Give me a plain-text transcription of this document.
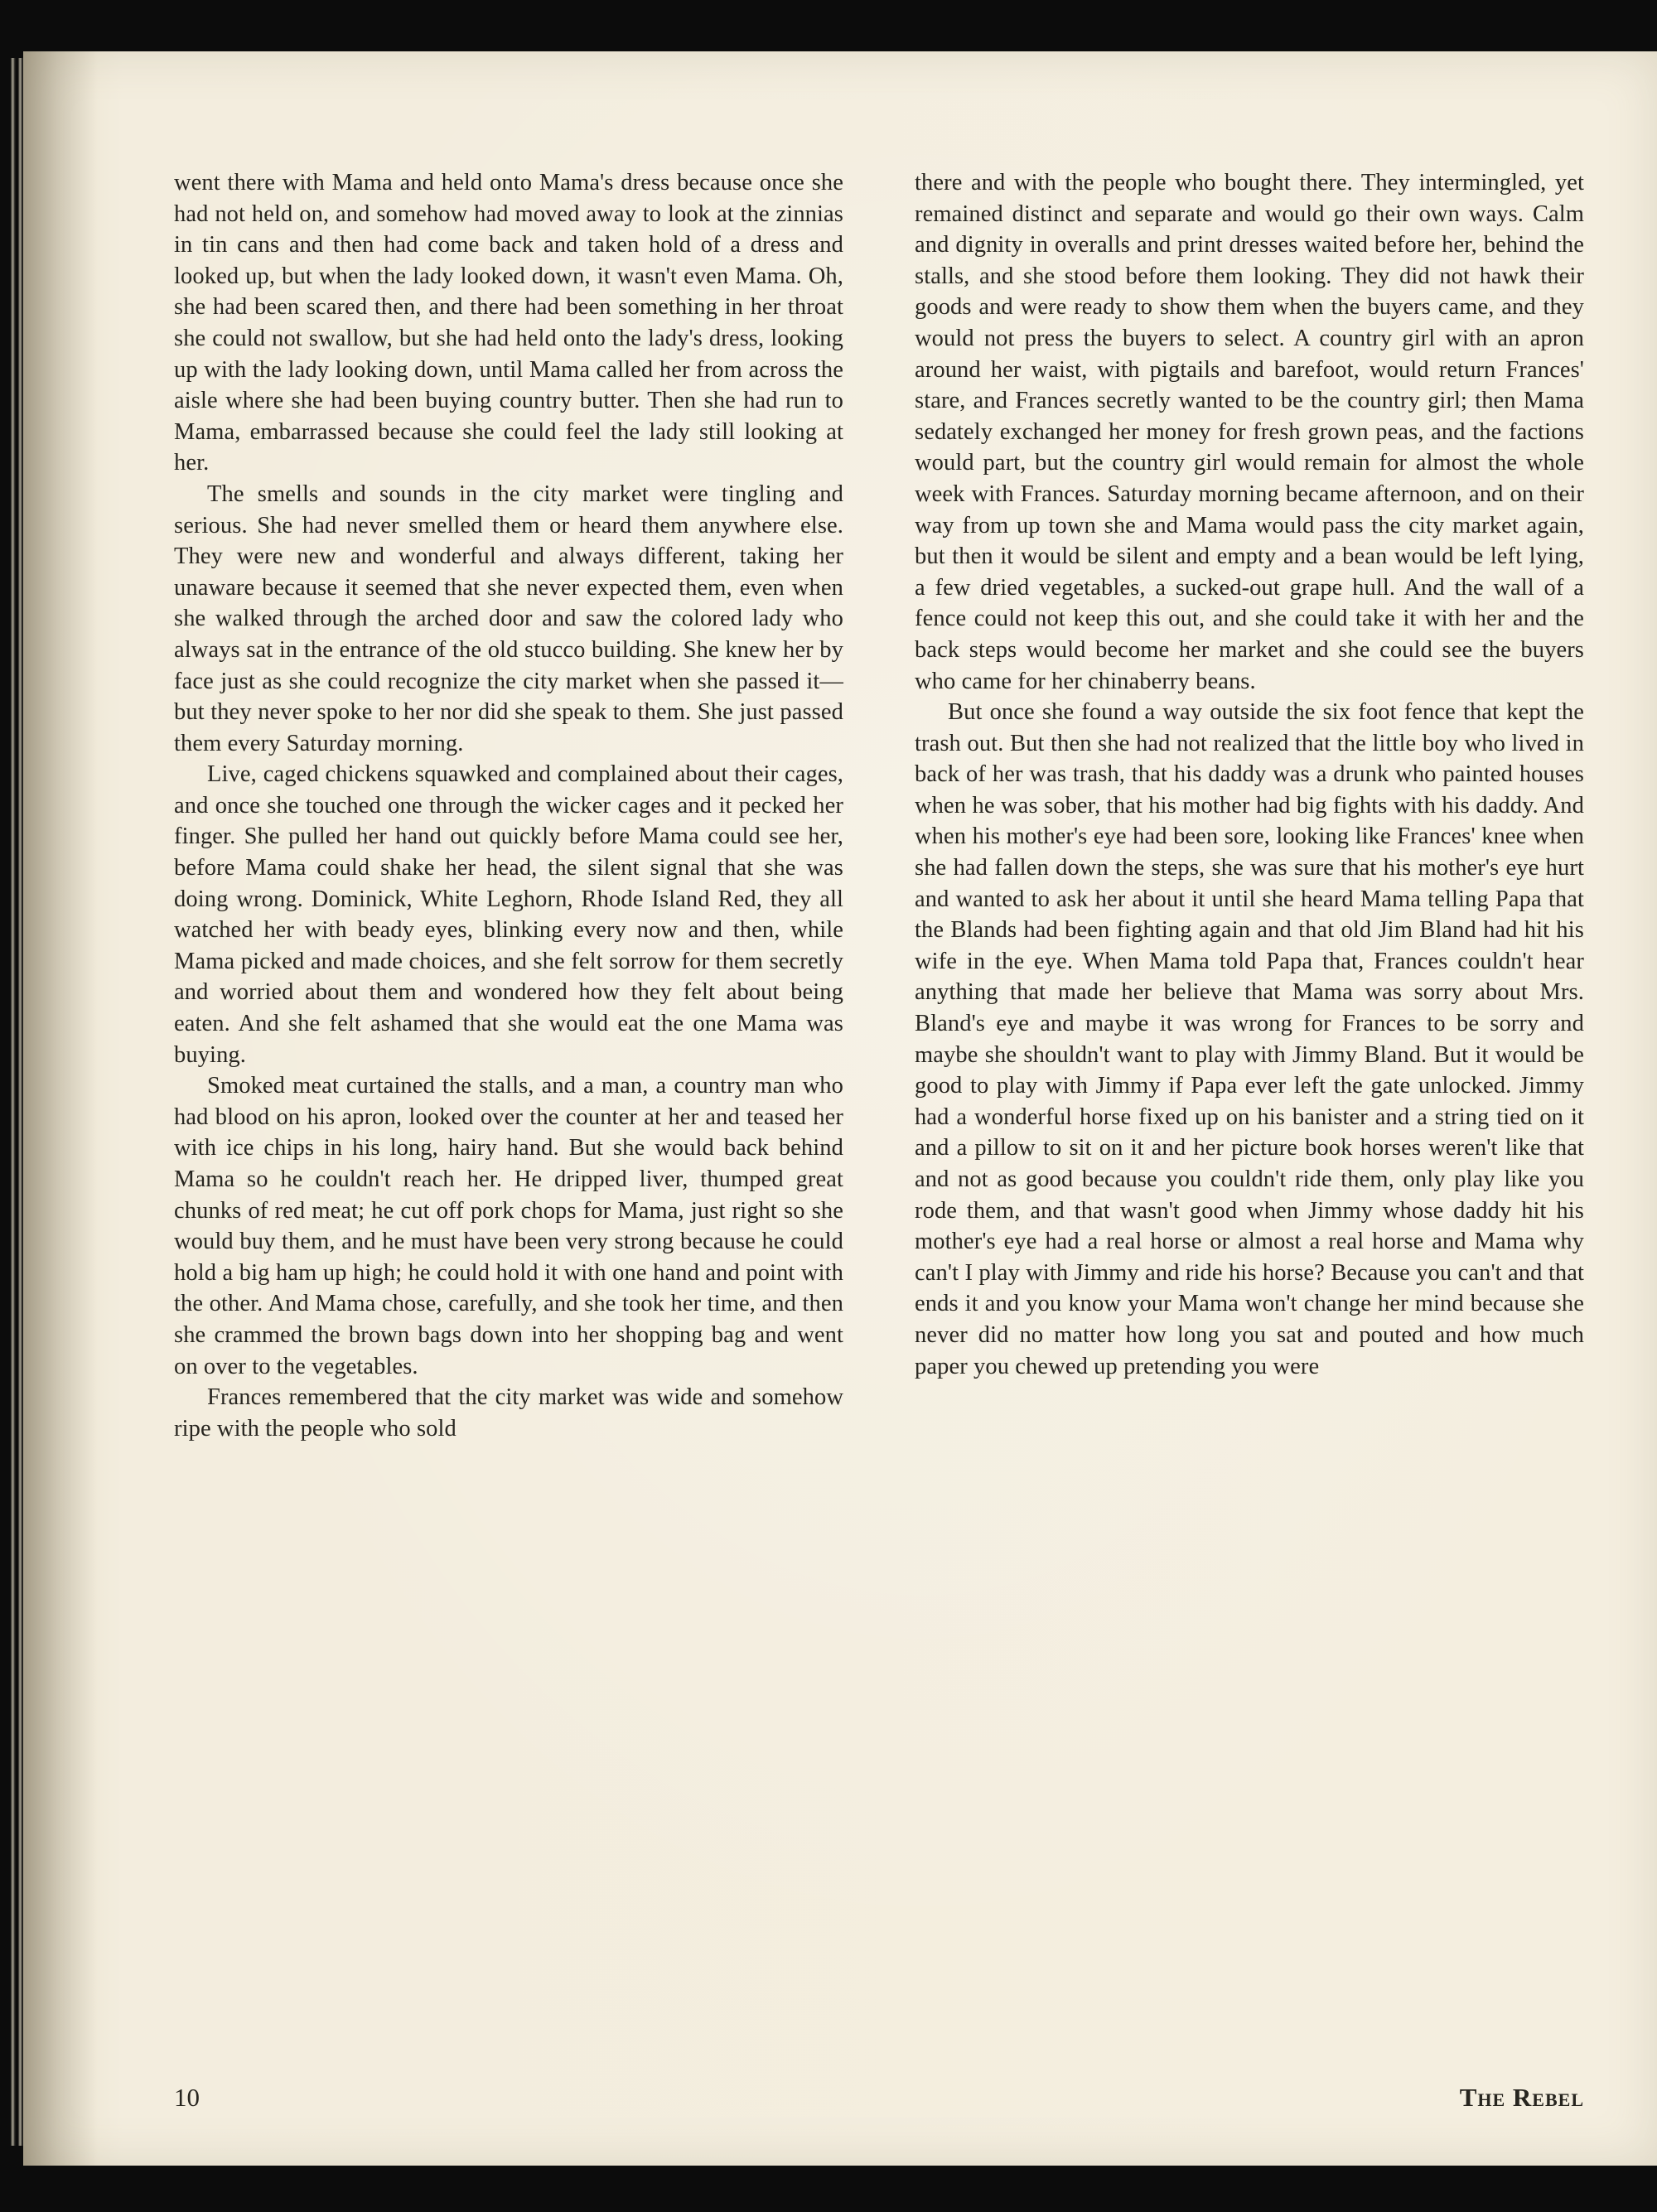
went there with Mama and held onto Mama's dress because once she had not held on, and somehow had moved away to look at the zinnias in tin cans and then had come back and taken hold of a dress and looked up, but when the lady looked down, it wasn't even Mama. Oh, she had been scared then, and there had been something in her throat she could not swallow, but she had held onto the lady's dress, looking up with the lady looking down, until Mama called her from across the aisle where she had been buying country butter. Then she had run to Mama, embarrassed because she could feel the lady still looking at her.

The smells and sounds in the city market were tingling and serious. She had never smelled them or heard them anywhere else. They were new and wonderful and always different, taking her unaware because it seemed that she never expected them, even when she walked through the arched door and saw the colored lady who always sat in the entrance of the old stucco building. She knew her by face just as she could recognize the city market when she passed it—but they never spoke to her nor did she speak to them. She just passed them every Saturday morning.

Live, caged chickens squawked and complained about their cages, and once she touched one through the wicker cages and it pecked her finger. She pulled her hand out quickly before Mama could see her, before Mama could shake her head, the silent signal that she was doing wrong. Dominick, White Leghorn, Rhode Island Red, they all watched her with beady eyes, blinking every now and then, while Mama picked and made choices, and she felt sorrow for them secretly and worried about them and wondered how they felt about being eaten. And she felt ashamed that she would eat the one Mama was buying.

Smoked meat curtained the stalls, and a man, a country man who had blood on his apron, looked over the counter at her and teased her with ice chips in his long, hairy hand. But she would back behind Mama so he couldn't reach her. He dripped liver, thumped great chunks of red meat; he cut off pork chops for Mama, just right so she would buy them, and he must have been very strong because he could hold a big ham up high; he could hold it with one hand and point with the other. And Mama chose, carefully, and she took her time, and then she crammed the brown bags down into her shopping bag and went on over to the vegetables.

Frances remembered that the city market was wide and somehow ripe with the people who sold

there and with the people who bought there. They intermingled, yet remained distinct and separate and would go their own ways. Calm and dignity in overalls and print dresses waited before her, behind the stalls, and she stood before them looking. They did not hawk their goods and were ready to show them when the buyers came, and they would not press the buyers to select. A country girl with an apron around her waist, with pigtails and barefoot, would return Frances' stare, and Frances secretly wanted to be the country girl; then Mama sedately exchanged her money for fresh grown peas, and the factions would part, but the country girl would remain for almost the whole week with Frances. Saturday morning became afternoon, and on their way from up town she and Mama would pass the city market again, but then it would be silent and empty and a bean would be left lying, a few dried vegetables, a sucked-out grape hull. And the wall of a fence could not keep this out, and she could take it with her and the back steps would become her market and she could see the buyers who came for her chinaberry beans.

But once she found a way outside the six foot fence that kept the trash out. But then she had not realized that the little boy who lived in back of her was trash, that his daddy was a drunk who painted houses when he was sober, that his mother had big fights with his daddy. And when his mother's eye had been sore, looking like Frances' knee when she had fallen down the steps, she was sure that his mother's eye hurt and wanted to ask her about it until she heard Mama telling Papa that the Blands had been fighting again and that old Jim Bland had hit his wife in the eye. When Mama told Papa that, Frances couldn't hear anything that made her believe that Mama was sorry about Mrs. Bland's eye and maybe it was wrong for Frances to be sorry and maybe she shouldn't want to play with Jimmy Bland. But it would be good to play with Jimmy if Papa ever left the gate unlocked. Jimmy had a wonderful horse fixed up on his banister and a string tied on it and a pillow to sit on it and her picture book horses weren't like that and not as good because you couldn't ride them, only play like you rode them, and that wasn't good when Jimmy whose daddy hit his mother's eye had a real horse or almost a real horse and Mama why can't I play with Jimmy and ride his horse? Because you can't and that ends it and you know your Mama won't change her mind because she never did no matter how long you sat and pouted and how much paper you chewed up pretending you were

10	The Rebel
